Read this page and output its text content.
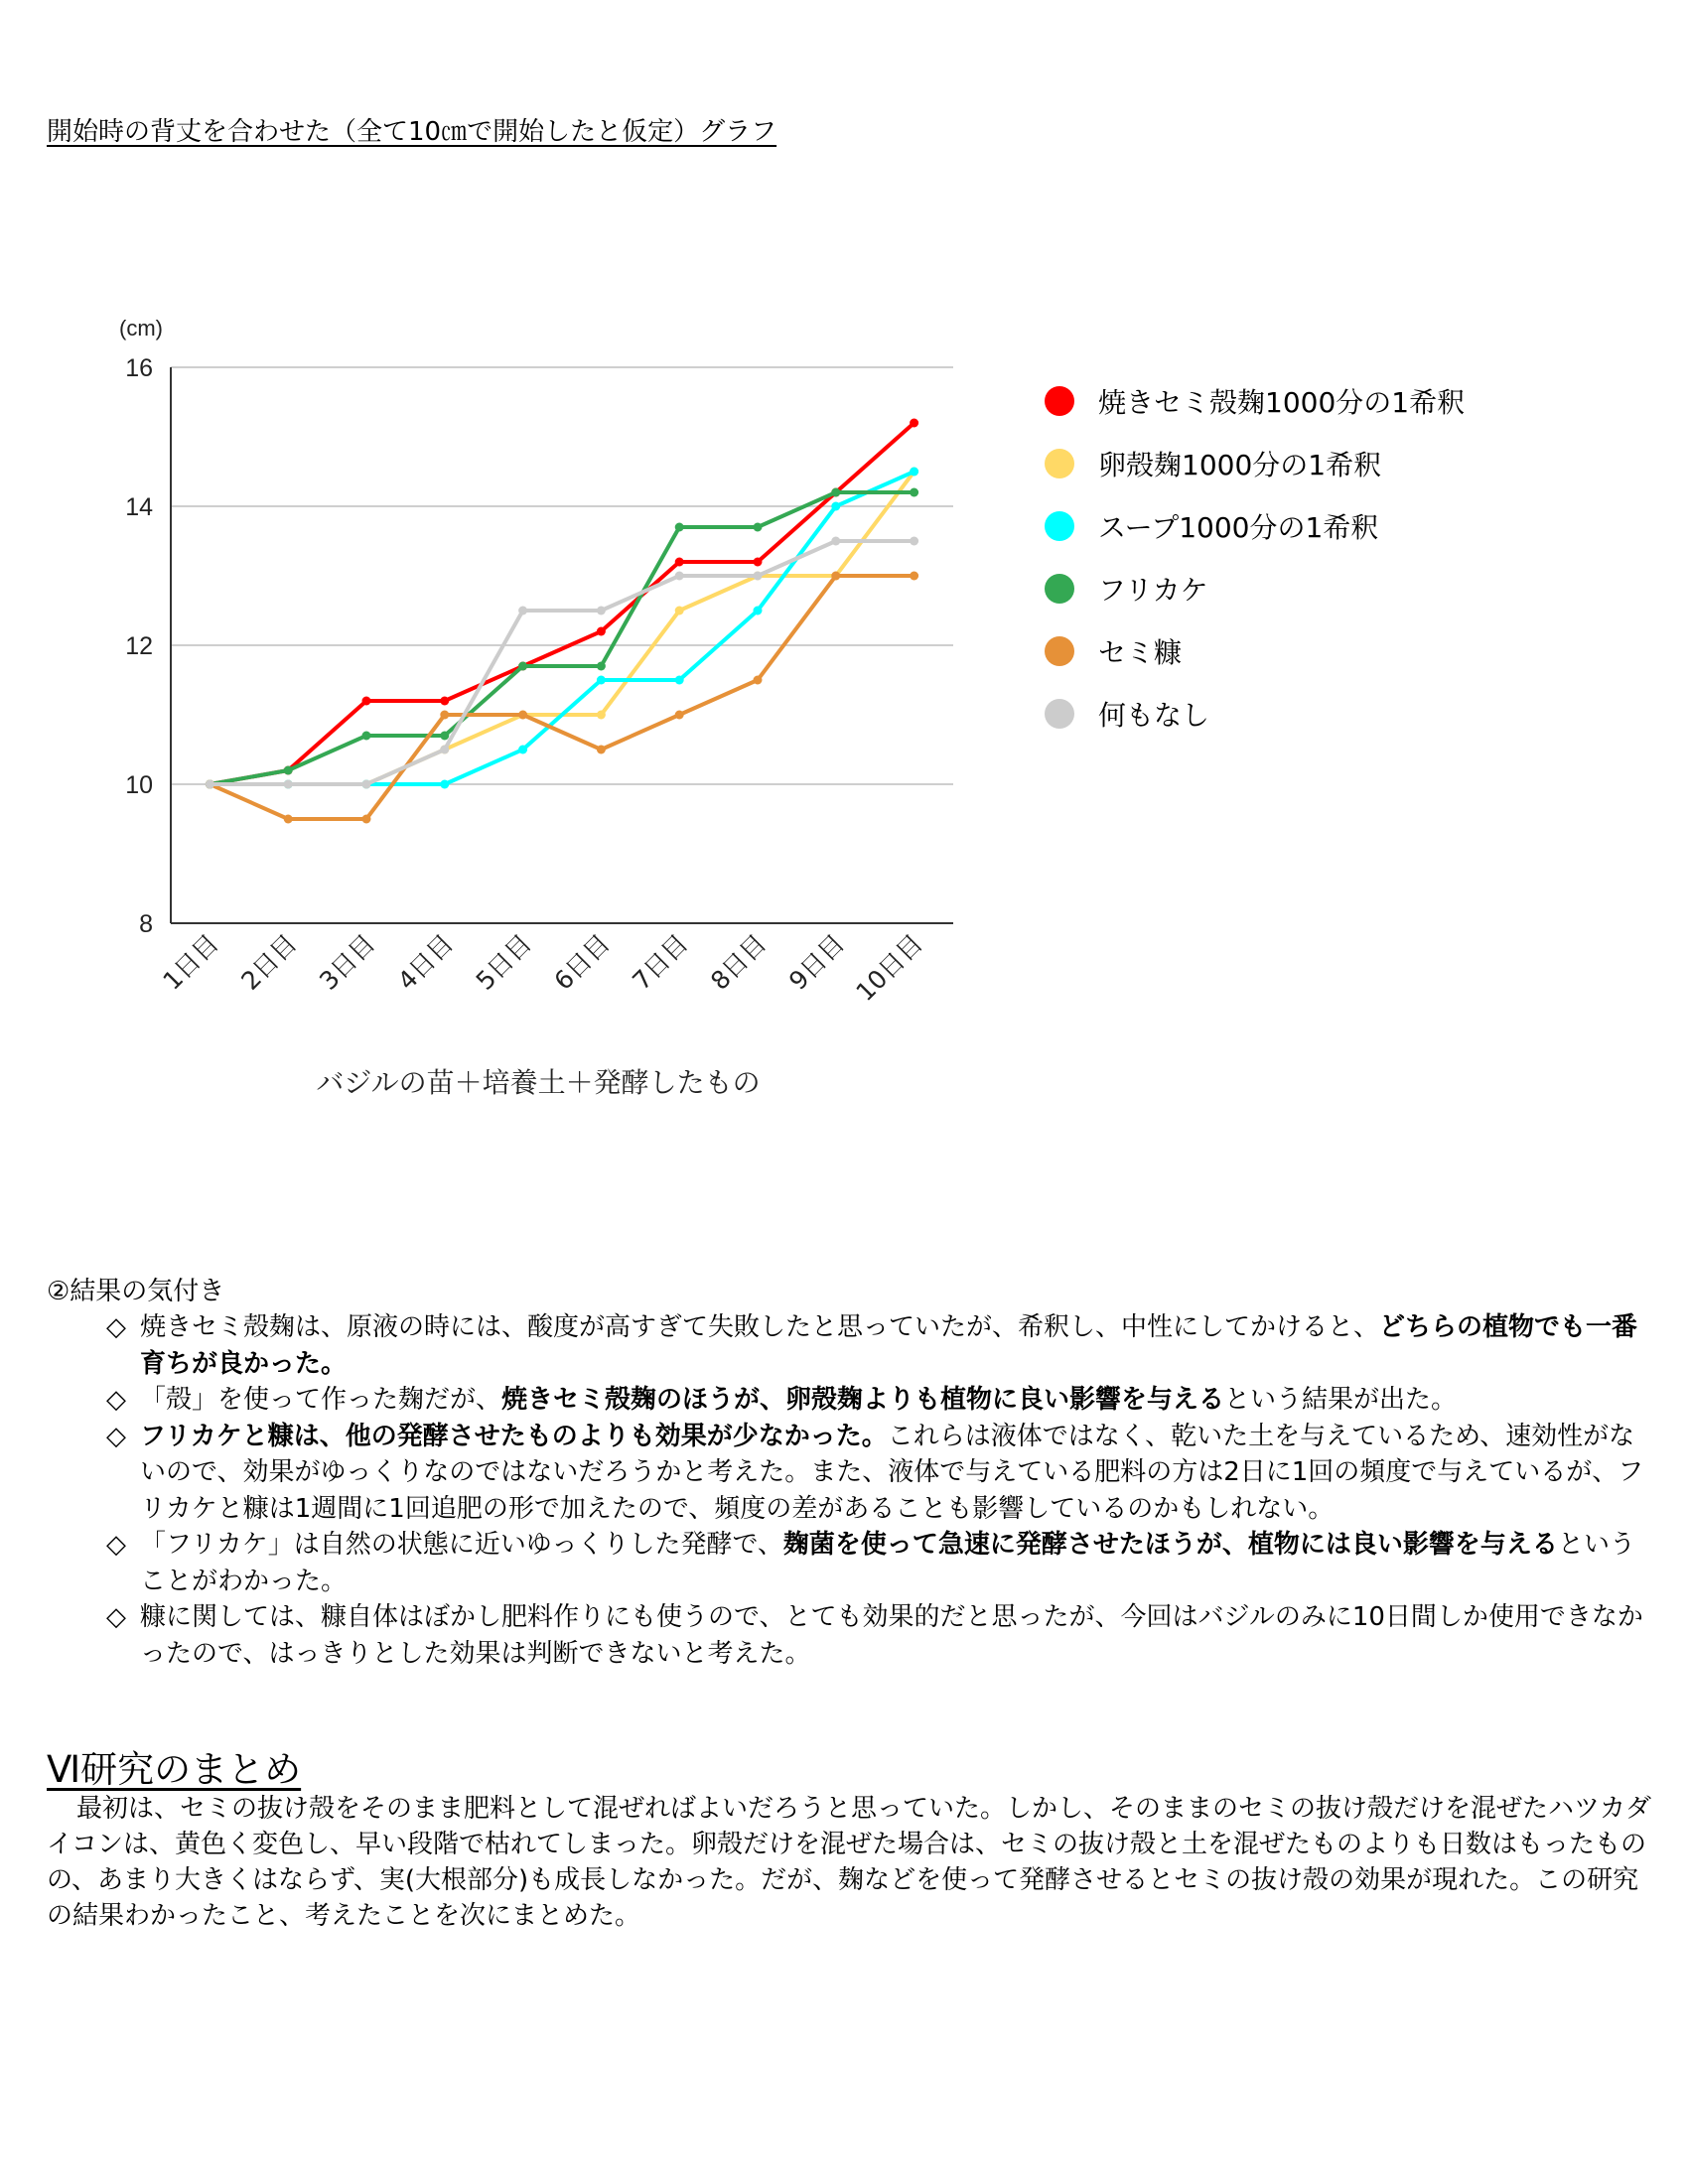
開始時の背丈を合わせた（全て10㎝で開始したと仮定）グラフ
(cm)
8
10
12
14
16
1日目 2日目 3日目 4日目 5日目 6日目 7日目 8日目 9日目 10日目
バジルの苗＋培養土＋発酵したもの
焼きセミ殻麹1000分の1希釈
卵殻麹1000分の1希釈
スープ1000分の1希釈
フリカケ
セミ糠
何もなし
②結果の気付き
◇ 焼きセミ殻麹は、原液の時には、酸度が高すぎて失敗したと思っていたが、希釈し、中性にしてかけると、どちらの植物でも一番育ちが良かった。
◇ 「殻」を使って作った麹だが、焼きセミ殻麹のほうが、卵殻麹よりも植物に良い影響を与えるという結果が出た。
◇ フリカケと糠は、他の発酵させたものよりも効果が少なかった。これらは液体ではなく、乾いた土を与えているため、速効性がないので、効果がゆっくりなのではないだろうかと考えた。また、液体で与えている肥料の方は2日に1回の頻度で与えているが、フリカケと糠は1週間に1回追肥の形で加えたので、頻度の差があることも影響しているのかもしれない。
◇ 「フリカケ」は自然の状態に近いゆっくりした発酵で、麹菌を使って急速に発酵させたほうが、植物には良い影響を与えるということがわかった。
◇ 糠に関しては、糠自体はぼかし肥料作りにも使うので、とても効果的だと思ったが、今回はバジルのみに10日間しか使用できなかったので、はっきりとした効果は判断できないと考えた。
Ⅵ研究のまとめ

最初は、セミの抜け殻をそのまま肥料として混ぜればよいだろうと思っていた。しかし、そのままのセミの抜け殻だけを混ぜたハツカダイコンは、黄色く変色し、早い段階で枯れてしまった。卵殻だけを混ぜた場合は、セミの抜け殻と土を混ぜたものよりも日数はもったものの、あまり大きくはならず、実(大根部分)も成長しなかった。だが、麹などを使って発酵させるとセミの抜け殻の効果が現れた。この研究の結果わかったこと、考えたことを次にまとめた。
